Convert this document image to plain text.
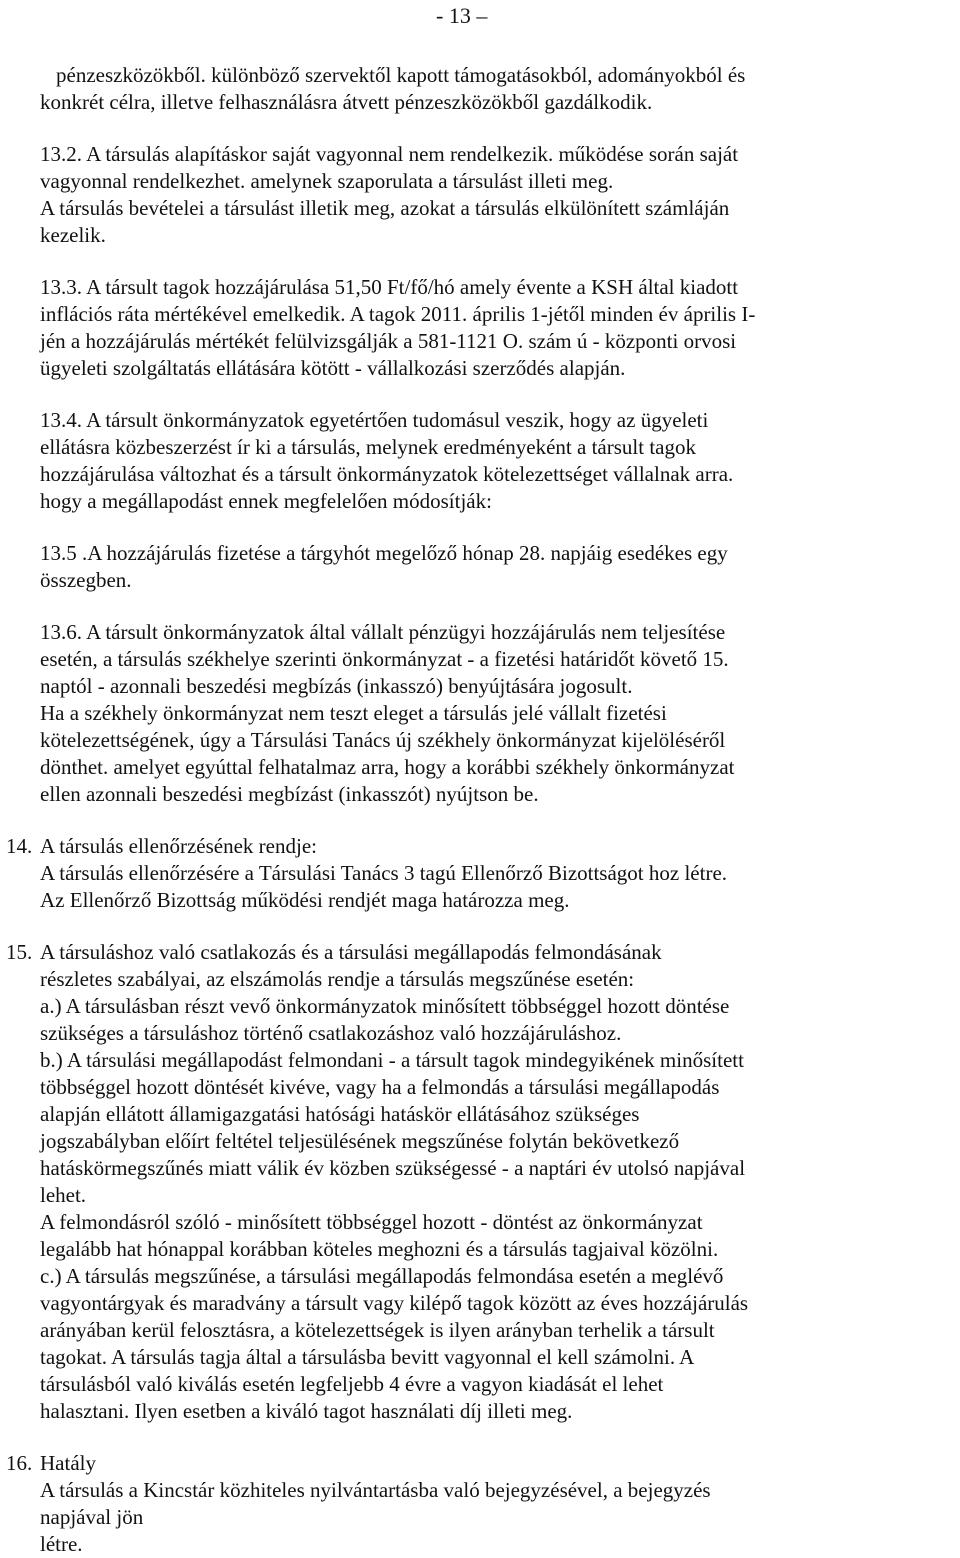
- 13 –
pénzeszközökből. különböző szervektől kapott támogatásokból, adományokból és
konkrét célra, illetve felhasználásra átvett pénzeszközökből gazdálkodik.
13.2. A társulás alapításkor saját vagyonnal nem rendelkezik. működése során saját
vagyonnal rendelkezhet. amelynek szaporulata a társulást illeti meg.
A társulás bevételei a társulást illetik meg, azokat a társulás elkülönített számláján
kezelik.
13.3. A társult tagok hozzájárulása 51,50 Ft/fő/hó amely évente a KSH által kiadott
inflációs ráta mértékével emelkedik. A tagok 2011. április 1-jétől minden év április I-
jén a hozzájárulás mértékét felülvizsgálják a 581-1121 O. szám ú - központi orvosi
ügyeleti szolgáltatás ellátására kötött - vállalkozási szerződés alapján.
13.4. A társult önkormányzatok egyetértően tudomásul veszik, hogy az ügyeleti
ellátásra közbeszerzést ír ki a társulás, melynek eredményeként a társult tagok
hozzájárulása változhat és a társult önkormányzatok kötelezettséget vállalnak arra.
hogy a megállapodást ennek megfelelően módosítják:
13.5 .A hozzájárulás fizetése a tárgyhót megelőző hónap 28. napjáig esedékes egy
összegben.
13.6. A társult önkormányzatok által vállalt pénzügyi hozzájárulás nem teljesítése
esetén, a társulás székhelye szerinti önkormányzat - a fizetési határidőt követő 15.
naptól - azonnali beszedési megbízás (inkasszó) benyújtására jogosult.
Ha a székhely önkormányzat nem teszt eleget a társulás jelé vállalt fizetési
kötelezettségének, úgy a Társulási Tanács új székhely önkormányzat kijelöléséről
dönthet. amelyet egyúttal felhatalmaz arra, hogy a korábbi székhely önkormányzat
ellen azonnali beszedési megbízást (inkasszót) nyújtson be.
14. A társulás ellenőrzésének rendje:
A társulás ellenőrzésére a Társulási Tanács 3 tagú Ellenőrző Bizottságot hoz létre.
Az Ellenőrző Bizottság működési rendjét maga határozza meg.
15. A társuláshoz való csatlakozás és a társulási megállapodás felmondásának
részletes szabályai, az elszámolás rendje a társulás megszűnése esetén:
a.) A társulásban részt vevő önkormányzatok minősített többséggel hozott döntése
szükséges a társuláshoz történő csatlakozáshoz való hozzájáruláshoz.
b.) A társulási megállapodást felmondani - a társult tagok mindegyikének minősített
többséggel hozott döntését kivéve, vagy ha a felmondás a társulási megállapodás
alapján ellátott államigazgatási hatósági hatáskör ellátásához szükséges
jogszabályban előírt feltétel teljesülésének megszűnése folytán bekövetkező
hatáskörmegszűnés miatt válik év közben szükségessé - a naptári év utolsó napjával
lehet.
A felmondásról szóló - minősített többséggel hozott - döntést az önkormányzat
legalább hat hónappal korábban köteles meghozni és a társulás tagjaival közölni.
c.) A társulás megszűnése, a társulási megállapodás felmondása esetén a meglévő
vagyontárgyak és maradvány a társult vagy kilépő tagok között az éves hozzájárulás
arányában kerül felosztásra, a kötelezettségek is ilyen arányban terhelik a társult
tagokat. A társulás tagja által a társulásba bevitt vagyonnal el kell számolni. A
társulásból való kiválás esetén legfeljebb 4 évre a vagyon kiadását el lehet
halasztani. Ilyen esetben a kiváló tagot használati díj illeti meg.
16. Hatály
A társulás a Kincstár közhiteles nyilvántartásba való bejegyzésével, a bejegyzés
napjával jön
létre.
